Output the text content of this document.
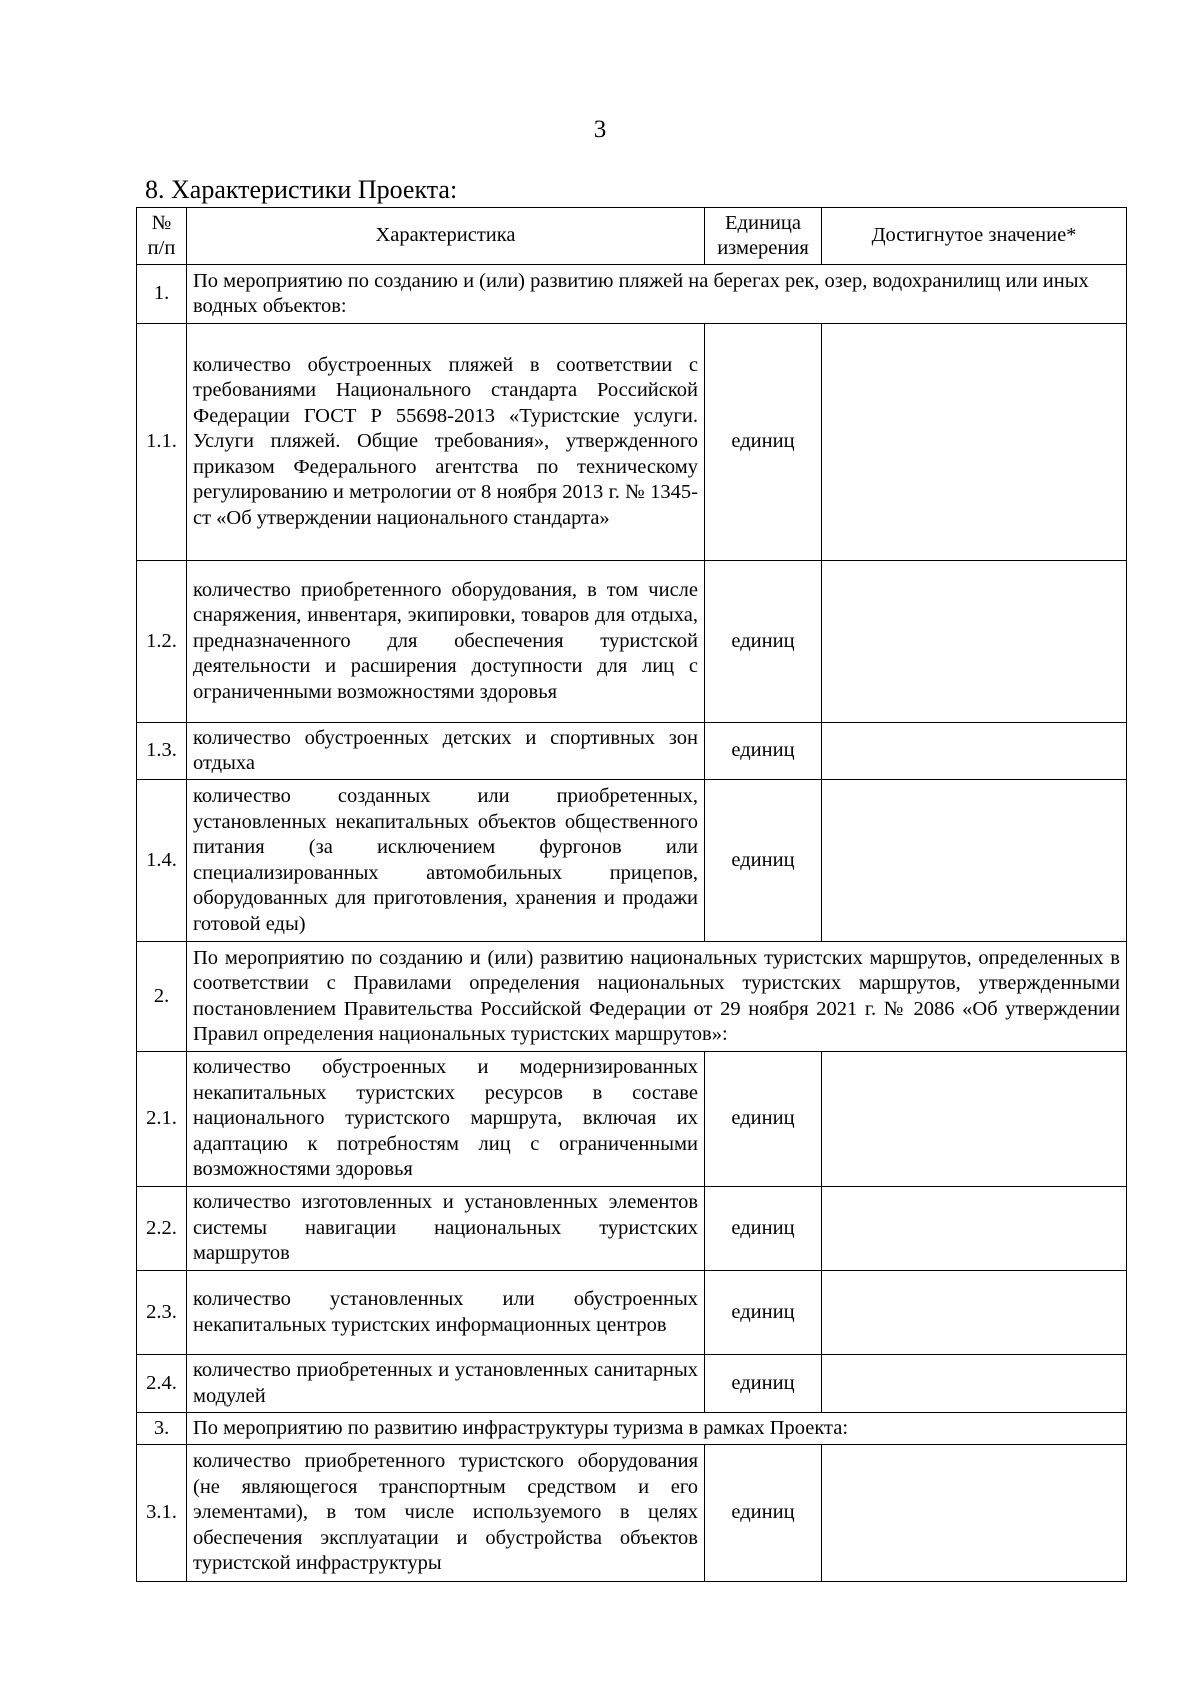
3
8. Характеристики Проекта:
№ п/п	Характеристика	Единица измерения	Достигнутое значение*
1.	По мероприятию по созданию и (или) развитию пляжей на берегах рек, озер, водохранилищ или иных водных объектов:		
1.1.	количество обустроенных пляжей в соответствии с требованиями Национального стандарта Российской Федерации ГОСТ Р 55698-2013 «Туристские услуги. Услуги пляжей. Общие требования», утвержденного приказом Федерального агентства по техническому регулированию и метрологии от 8 ноября 2013 г. № 1345-ст «Об утверждении национального стандарта»	единиц	
1.2.	количество приобретенного оборудования, в том числе снаряжения, инвентаря, экипировки, товаров для отдыха, предназначенного для обеспечения туристской деятельности и расширения доступности для лиц с ограниченными возможностями здоровья	единиц	
1.3.	количество обустроенных детских и спортивных зон отдыха	единиц	
1.4.	количество созданных или приобретенных, установленных некапитальных объектов общественного питания (за исключением фургонов или специализированных автомобильных прицепов, оборудованных для приготовления, хранения и продажи готовой еды)	единиц	
2.	По мероприятию по созданию и (или) развитию национальных туристских маршрутов, определенных в соответствии с Правилами определения национальных туристских маршрутов, утвержденными постановлением Правительства Российской Федерации от 29 ноября 2021 г. № 2086 «Об утверждении Правил определения национальных туристских маршрутов»:		
2.1.	количество обустроенных и модернизированных некапитальных туристских ресурсов в составе национального туристского маршрута, включая их адаптацию к потребностям лиц с ограниченными возможностями здоровья	единиц	
2.2.	количество изготовленных и установленных элементов системы навигации национальных туристских маршрутов	единиц	
2.3.	количество установленных или обустроенных некапитальных туристских информационных центров	единиц	
2.4.	количество приобретенных и установленных санитарных модулей	единиц	
3.	По мероприятию по развитию инфраструктуры туризма в рамках Проекта:		
3.1.	количество приобретенного туристского оборудования (не являющегося транспортным средством и его элементами), в том числе используемого в целях обеспечения эксплуатации и обустройства объектов туристской инфраструктуры	единиц	
